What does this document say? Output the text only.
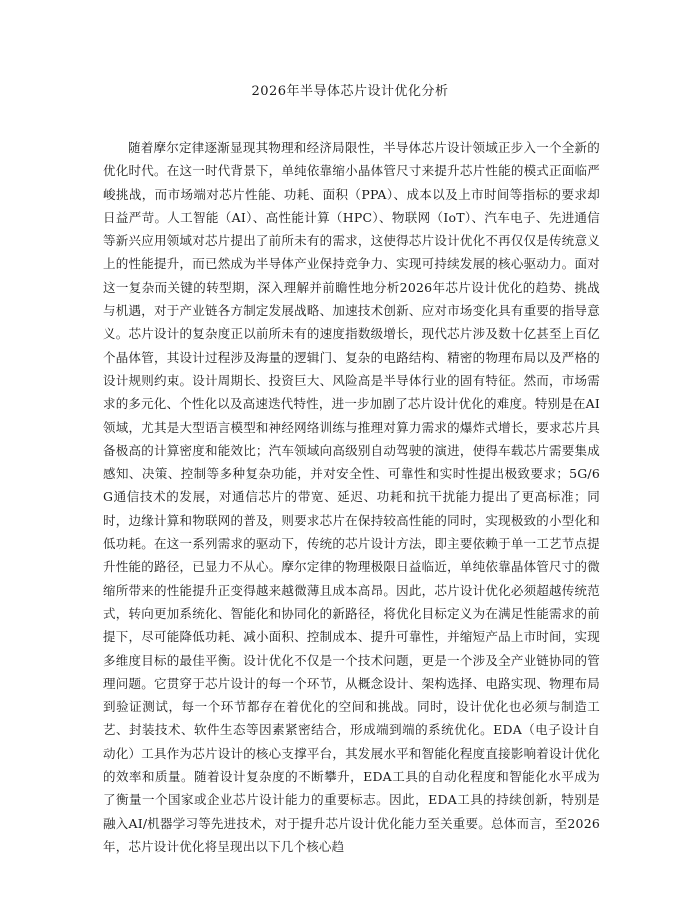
2026年半导体芯片设计优化分析

随着摩尔定律逐渐显现其物理和经济局限性，半导体芯片设计领域正步入一个全新的优化时代。在这一时代背景下，单纯依靠缩小晶体管尺寸来提升芯片性能的模式正面临严峻挑战，而市场端对芯片性能、功耗、面积（PPA）、成本以及上市时间等指标的要求却日益严苛。人工智能（AI）、高性能计算（HPC）、物联网（IoT）、汽车电子、先进通信等新兴应用领域对芯片提出了前所未有的需求，这使得芯片设计优化不再仅仅是传统意义上的性能提升，而已然成为半导体产业保持竞争力、实现可持续发展的核心驱动力。面对这一复杂而关键的转型期，深入理解并前瞻性地分析2026年芯片设计优化的趋势、挑战与机遇，对于产业链各方制定发展战略、加速技术创新、应对市场变化具有重要的指导意义。芯片设计的复杂度正以前所未有的速度指数级增长，现代芯片涉及数十亿甚至上百亿个晶体管，其设计过程涉及海量的逻辑门、复杂的电路结构、精密的物理布局以及严格的设计规则约束。设计周期长、投资巨大、风险高是半导体行业的固有特征。然而，市场需求的多元化、个性化以及高速迭代特性，进一步加剧了芯片设计优化的难度。特别是在AI领域，尤其是大型语言模型和神经网络训练与推理对算力需求的爆炸式增长，要求芯片具备极高的计算密度和能效比；汽车领域向高级别自动驾驶的演进，使得车载芯片需要集成感知、决策、控制等多种复杂功能，并对安全性、可靠性和实时性提出极致要求；5G/6G通信技术的发展，对通信芯片的带宽、延迟、功耗和抗干扰能力提出了更高标准；同时，边缘计算和物联网的普及，则要求芯片在保持较高性能的同时，实现极致的小型化和低功耗。在这一系列需求的驱动下，传统的芯片设计方法，即主要依赖于单一工艺节点提升性能的路径，已显力不从心。摩尔定律的物理极限日益临近，单纯依靠晶体管尺寸的微缩所带来的性能提升正变得越来越微薄且成本高昂。因此，芯片设计优化必须超越传统范式，转向更加系统化、智能化和协同化的新路径，将优化目标定义为在满足性能需求的前提下，尽可能降低功耗、减小面积、控制成本、提升可靠性，并缩短产品上市时间，实现多维度目标的最佳平衡。设计优化不仅是一个技术问题，更是一个涉及全产业链协同的管理问题。它贯穿于芯片设计的每一个环节，从概念设计、架构选择、电路实现、物理布局到验证测试，每一个环节都存在着优化的空间和挑战。同时，设计优化也必须与制造工艺、封装技术、软件生态等因素紧密结合，形成端到端的系统优化。EDA（电子设计自动化）工具作为芯片设计的核心支撑平台，其发展水平和智能化程度直接影响着设计优化的效率和质量。随着设计复杂度的不断攀升，EDA工具的自动化程度和智能化水平成为了衡量一个国家或企业芯片设计能力的重要标志。因此，EDA工具的持续创新，特别是融入AI/机器学习等先进技术，对于提升芯片设计优化能力至关重要。总体而言，至2026年，芯片设计优化将呈现出以下几个核心趋
